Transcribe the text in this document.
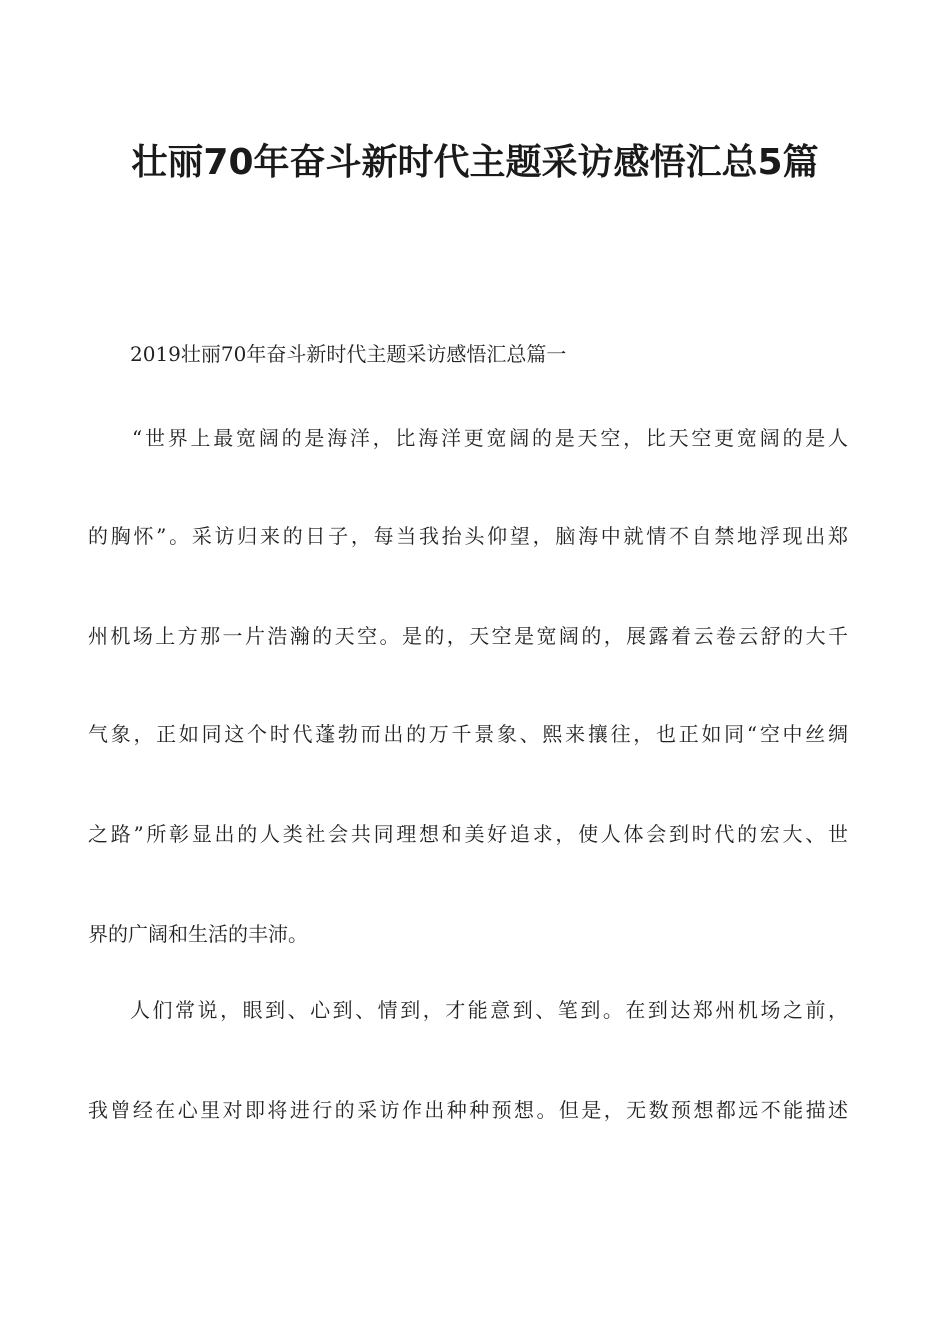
壮丽70年奋斗新时代主题采访感悟汇总5篇

2019壮丽70年奋斗新时代主题采访感悟汇总篇一

“世界上最宽阔的是海洋，比海洋更宽阔的是天空，比天空更宽阔的是人

的胸怀”。采访归来的日子，每当我抬头仰望，脑海中就情不自禁地浮现出郑

州机场上方那一片浩瀚的天空。是的，天空是宽阔的，展露着云卷云舒的大千

气象，正如同这个时代蓬勃而出的万千景象、熙来攘往，也正如同“空中丝绸

之路”所彰显出的人类社会共同理想和美好追求，使人体会到时代的宏大、世

界的广阔和生活的丰沛。

人们常说，眼到、心到、情到，才能意到、笔到。在到达郑州机场之前，

我曾经在心里对即将进行的采访作出种种预想。但是，无数预想都远不能描述
